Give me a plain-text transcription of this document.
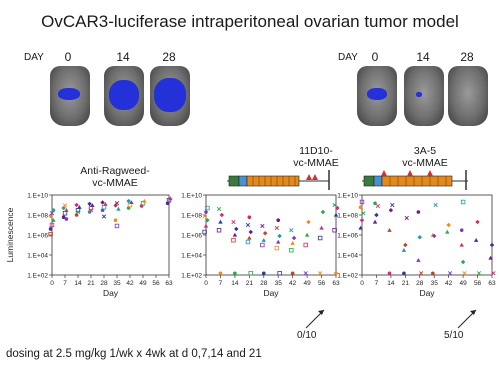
OvCAR3-luciferase intraperitoneal ovarian tumor model
DAY	0	14	28	DAY	0	14	28
Anti-Ragweed-
vc-MMAE
11D10-
vc-MMAE
3A-5
vc-MMAE
1.E+02
1.E+04
1.E+06
1.E+08
1.E+10
0 7 14 21 28 35 42 49 56 63
Day
Luminescence
1.E+02
1.E+04
1.E+06
1.E+08
1.E+10
0 7 14 21 28 35 42 49 56 63
Day
1.E+02
1.E+04
1.E+06
1.E+08
1.E+10
0 7 14 21 28 35 42 49 56 63
Day
0/10	5/10
dosing at 2.5 mg/kg 1/wk x 4wk at d 0,7,14 and 21
